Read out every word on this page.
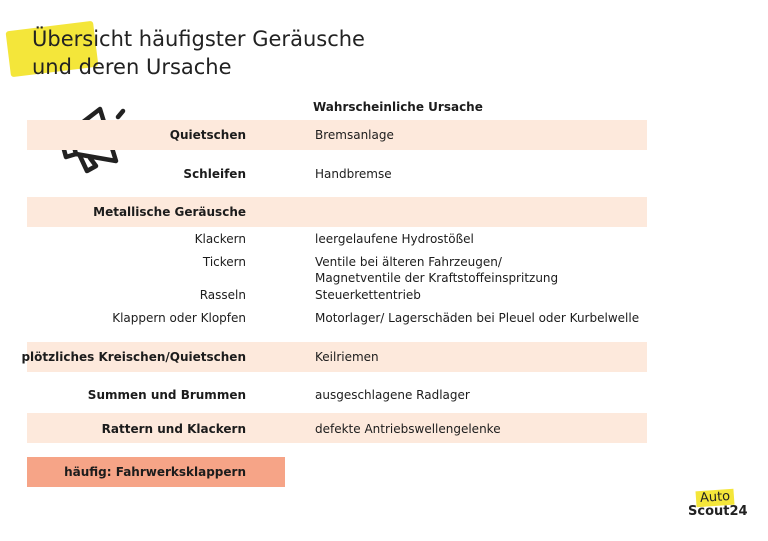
Übersicht häufigster Geräusche
und deren Ursache
Wahrscheinliche Ursache
Quietschen	Bremsanlage
Schleifen	Handbremse
Metallische Geräusche
Klackern	leergelaufene Hydrostößel
Tickern	Ventile bei älteren Fahrzeugen/
Magnetventile der Kraftstoffeinspritzung
Rasseln	Steuerkettentrieb
Klappern oder Klopfen	Motorlager/ Lagerschäden bei Pleuel oder Kurbelwelle
plötzliches Kreischen/Quietschen	Keilriemen
Summen und Brummen	ausgeschlagene Radlager
Rattern und Klackern	defekte Antriebswellengelenke
häufig: Fahrwerksklappern
Auto
Scout24
